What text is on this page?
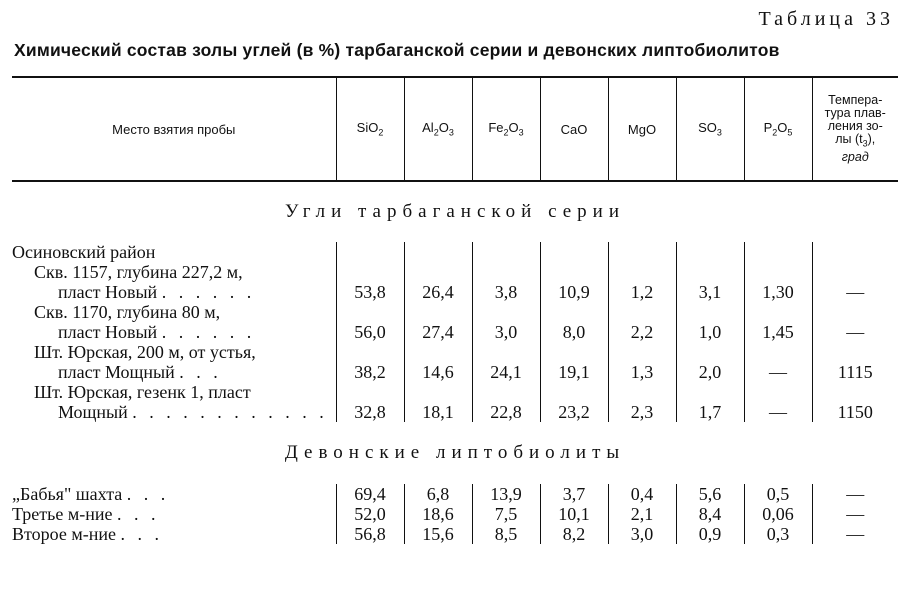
Таблица 33
Химический состав золы углей (в %) тарбаганской серии и девонских липтобиолитов
Место взятия пробы	SiO$_2$	$Al_2O_3$	$Fe_2O_3$	CaO	MgO	$SO_3$	$P_2O_5$	Темпера-
тура плав-
ления зо-
лы $(t_3)$,
град
Угли тарбаганской серии								
Осиновский район								
Скв. 1157, глубина 227,2 м,								
пласт Новый . . . . . .	53,8	26,4	3,8	10,9	1,2	3,1	1,30	—
Скв. 1170, глубина 80 м,								
пласт Новый . . . . . .	56,0	27,4	3,0	8,0	2,2	1,0	1,45	—
Шт. Юрская, 200 м, от устья,								
пласт Мощный . . .	38,2	14,6	24,1	19,1	1,3	2,0	—	1115
Шт. Юрская, гезенк 1, пласт								
Мощный . . . . . . . . . . . .	32,8	18,1	22,8	23,2	2,3	1,7	—	1150
Девонские липтобиолиты								
„Бабья" шахта . . .	69,4	6,8	13,9	3,7	0,4	5,6	0,5	—
Третье м-ние . . .	52,0	18,6	7,5	10,1	2,1	8,4	0,06	—
Второе м-ние . . .	56,8	15,6	8,5	8,2	3,0	0,9	0,3	—
